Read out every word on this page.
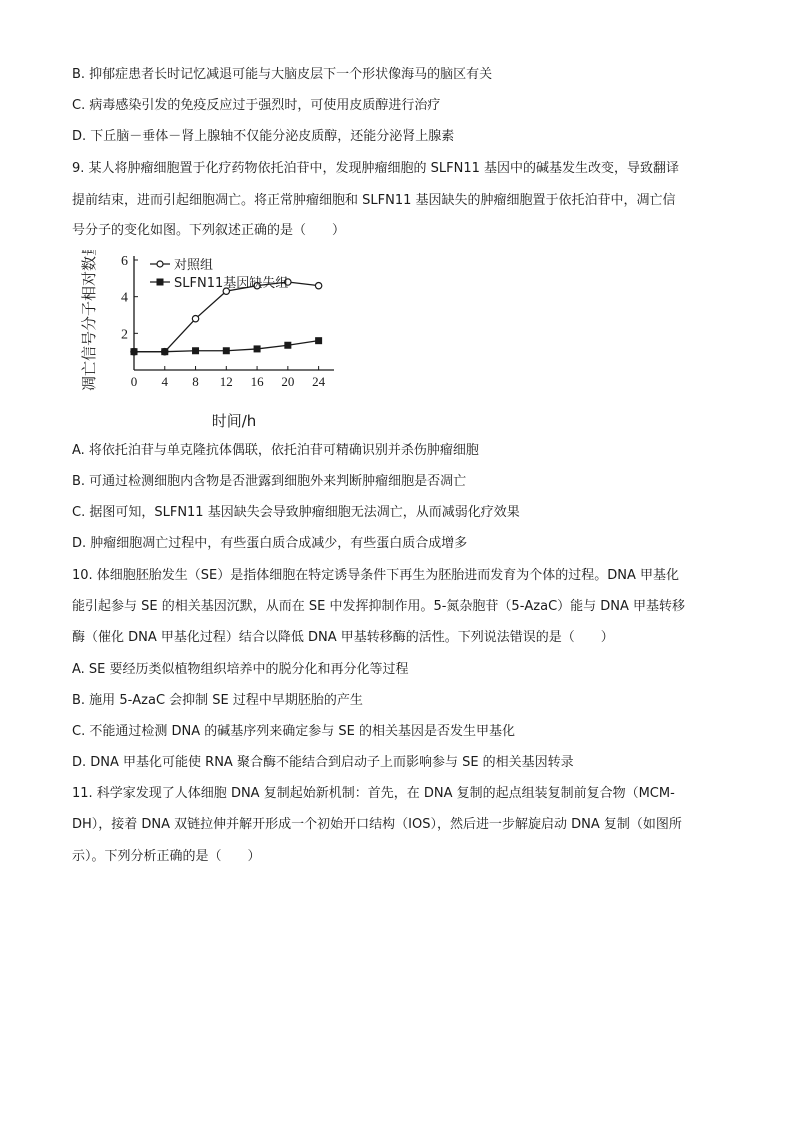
B. 抑郁症患者长时记忆减退可能与大脑皮层下一个形状像海马的脑区有关
C. 病毒感染引发的免疫反应过于强烈时，可使用皮质醇进行治疗
D. 下丘脑－垂体－肾上腺轴不仅能分泌皮质醇，还能分泌肾上腺素
9. 某人将肿瘤细胞置于化疗药物依托泊苷中，发现肿瘤细胞的 SLFN11 基因中的碱基发生改变，导致翻译
提前结束，进而引起细胞凋亡。将正常肿瘤细胞和 SLFN11 基因缺失的肿瘤细胞置于依托泊苷中，凋亡信
号分子的变化如图。下列叙述正确的是（　　）
A. 将依托泊苷与单克隆抗体偶联，依托泊苷可精确识别并杀伤肿瘤细胞
B. 可通过检测细胞内含物是否泄露到细胞外来判断肿瘤细胞是否凋亡
C. 据图可知，SLFN11 基因缺失会导致肿瘤细胞无法凋亡，从而减弱化疗效果
D. 肿瘤细胞凋亡过程中，有些蛋白质合成减少，有些蛋白质合成增多
10. 体细胞胚胎发生（SE）是指体细胞在特定诱导条件下再生为胚胎进而发育为个体的过程。DNA 甲基化
能引起参与 SE 的相关基因沉默，从而在 SE 中发挥抑制作用。5-氮杂胞苷（5-AzaC）能与 DNA 甲基转移
酶（催化 DNA 甲基化过程）结合以降低 DNA 甲基转移酶的活性。下列说法错误的是（　　）
A. SE 要经历类似植物组织培养中的脱分化和再分化等过程
B. 施用 5-AzaC 会抑制 SE 过程中早期胚胎的产生
C. 不能通过检测 DNA 的碱基序列来确定参与 SE 的相关基因是否发生甲基化
D. DNA 甲基化可能使 RNA 聚合酶不能结合到启动子上而影响参与 SE 的相关基因转录
11. 科学家发现了人体细胞 DNA 复制起始新机制：首先，在 DNA 复制的起点组装复制前复合物（MCM-
DH），接着 DNA 双链拉伸并解开形成一个初始开口结构（IOS），然后进一步解旋启动 DNA 复制（如图所
示）。下列分析正确的是（　　）
凋亡信号分子相对数量
时间/h
0 4 8 12 16 20 24
2
4
6	对照组
SLFN11基因缺失组
